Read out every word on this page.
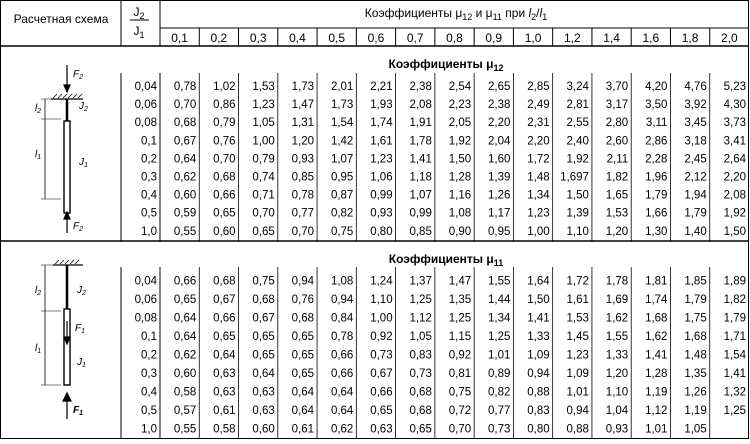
Расчетная схема $J_2$
$J_1$
Коэффициенты $\mu_{12}$ и $\mu_{11}$ при $l_2/l_1$
0,1 0,2 0,3 0,4 0,5 0,6 0,7 0,8 0,9 1,0 1,2 1,4 1,6 1,8 2,0
Коэффициенты $\mu_{12}$
Коэффициенты $\mu_{11}$
$F_2$
$l_2$	$J_2$
$l_1$	$J_1$
$F_2$
$l_2$	$J_2$
$F_1$
$l_1$
$J_1$
$F_1$
0,04 0,78 1,02 1,53 1,73 2,01 2,21 2,38 2,54 2,65 2,85 3,24 3,70 4,20 4,76 5,23
0,06 0,70 0,86 1,23 1,47 1,73 1,93 2,08 2,23 2,38 2,49 2,81 3,17 3,50 3,92 4,30
0,08 0,68 0,79 1,05 1,31 1,54 1,74 1,91 2,05 2,20 2,31 2,55 2,80 3,11 3,45 3,73
0,1 0,67 0,76 1,00 1,20 1,42 1,61 1,78 1,92 2,04 2,20 2,40 2,60 2,86 3,18 3,41
0,2 0,64 0,70 0,79 0,93 1,07 1,23 1,41 1,50 1,60 1,72 1,92 2,11 2,28 2,45 2,64
0,3 0,62 0,68 0,74 0,85 0,95 1,06 1,18 1,28 1,39 1,48 1,697 1,82 1,96 2,12 2,20
0,4 0,60 0,66 0,71 0,78 0,87 0,99 1,07 1,16 1,26 1,34 1,50 1,65 1,79 1,94 2,08
0,5 0,59 0,65 0,70 0,77 0,82 0,93 0,99 1,08 1,17 1,23 1,39 1,53 1,66 1,79 1,92
1,0 0,55 0,60 0,65 0,70 0,75 0,80 0,85 0,90 0,95 1,00 1,10 1,20 1,30 1,40 1,50
0,04 0,66 0,68 0,75 0,94 1,08 1,24 1,37 1,47 1,55 1,64 1,72 1,78 1,81 1,85 1,89
0,06 0,65 0,67 0,68 0,76 0,94 1,10 1,25 1,35 1,44 1,50 1,61 1,69 1,74 1,79 1,82
0,08 0,64 0,66 0,67 0,68 0,84 1,00 1,12 1,25 1,34 1,41 1,53 1,62 1,68 1,75 1,79
0,1 0,64 0,65 0,65 0,65 0,78 0,92 1,05 1,15 1,25 1,33 1,45 1,55 1,62 1,68 1,71
0,2 0,62 0,64 0,65 0,65 0,66 0,73 0,83 0,92 1,01 1,09 1,23 1,33 1,41 1,48 1,54
0,3 0,60 0,63 0,64 0,65 0,66 0,67 0,73 0,81 0,89 0,94 1,09 1,20 1,28 1,35 1,41
0,4 0,58 0,63 0,63 0,64 0,64 0,66 0,68 0,75 0,82 0,88 1,01 1,10 1,19 1,26 1,32
0,5 0,57 0,61 0,63 0,64 0,64 0,65 0,68 0,72 0,77 0,83 0,94 1,04 1,12 1,19 1,25
1,0 0,55 0,58 0,60 0,61 0,62 0,63 0,65 0,70 0,73 0,80 0,88 0,93 1,01 1,05
